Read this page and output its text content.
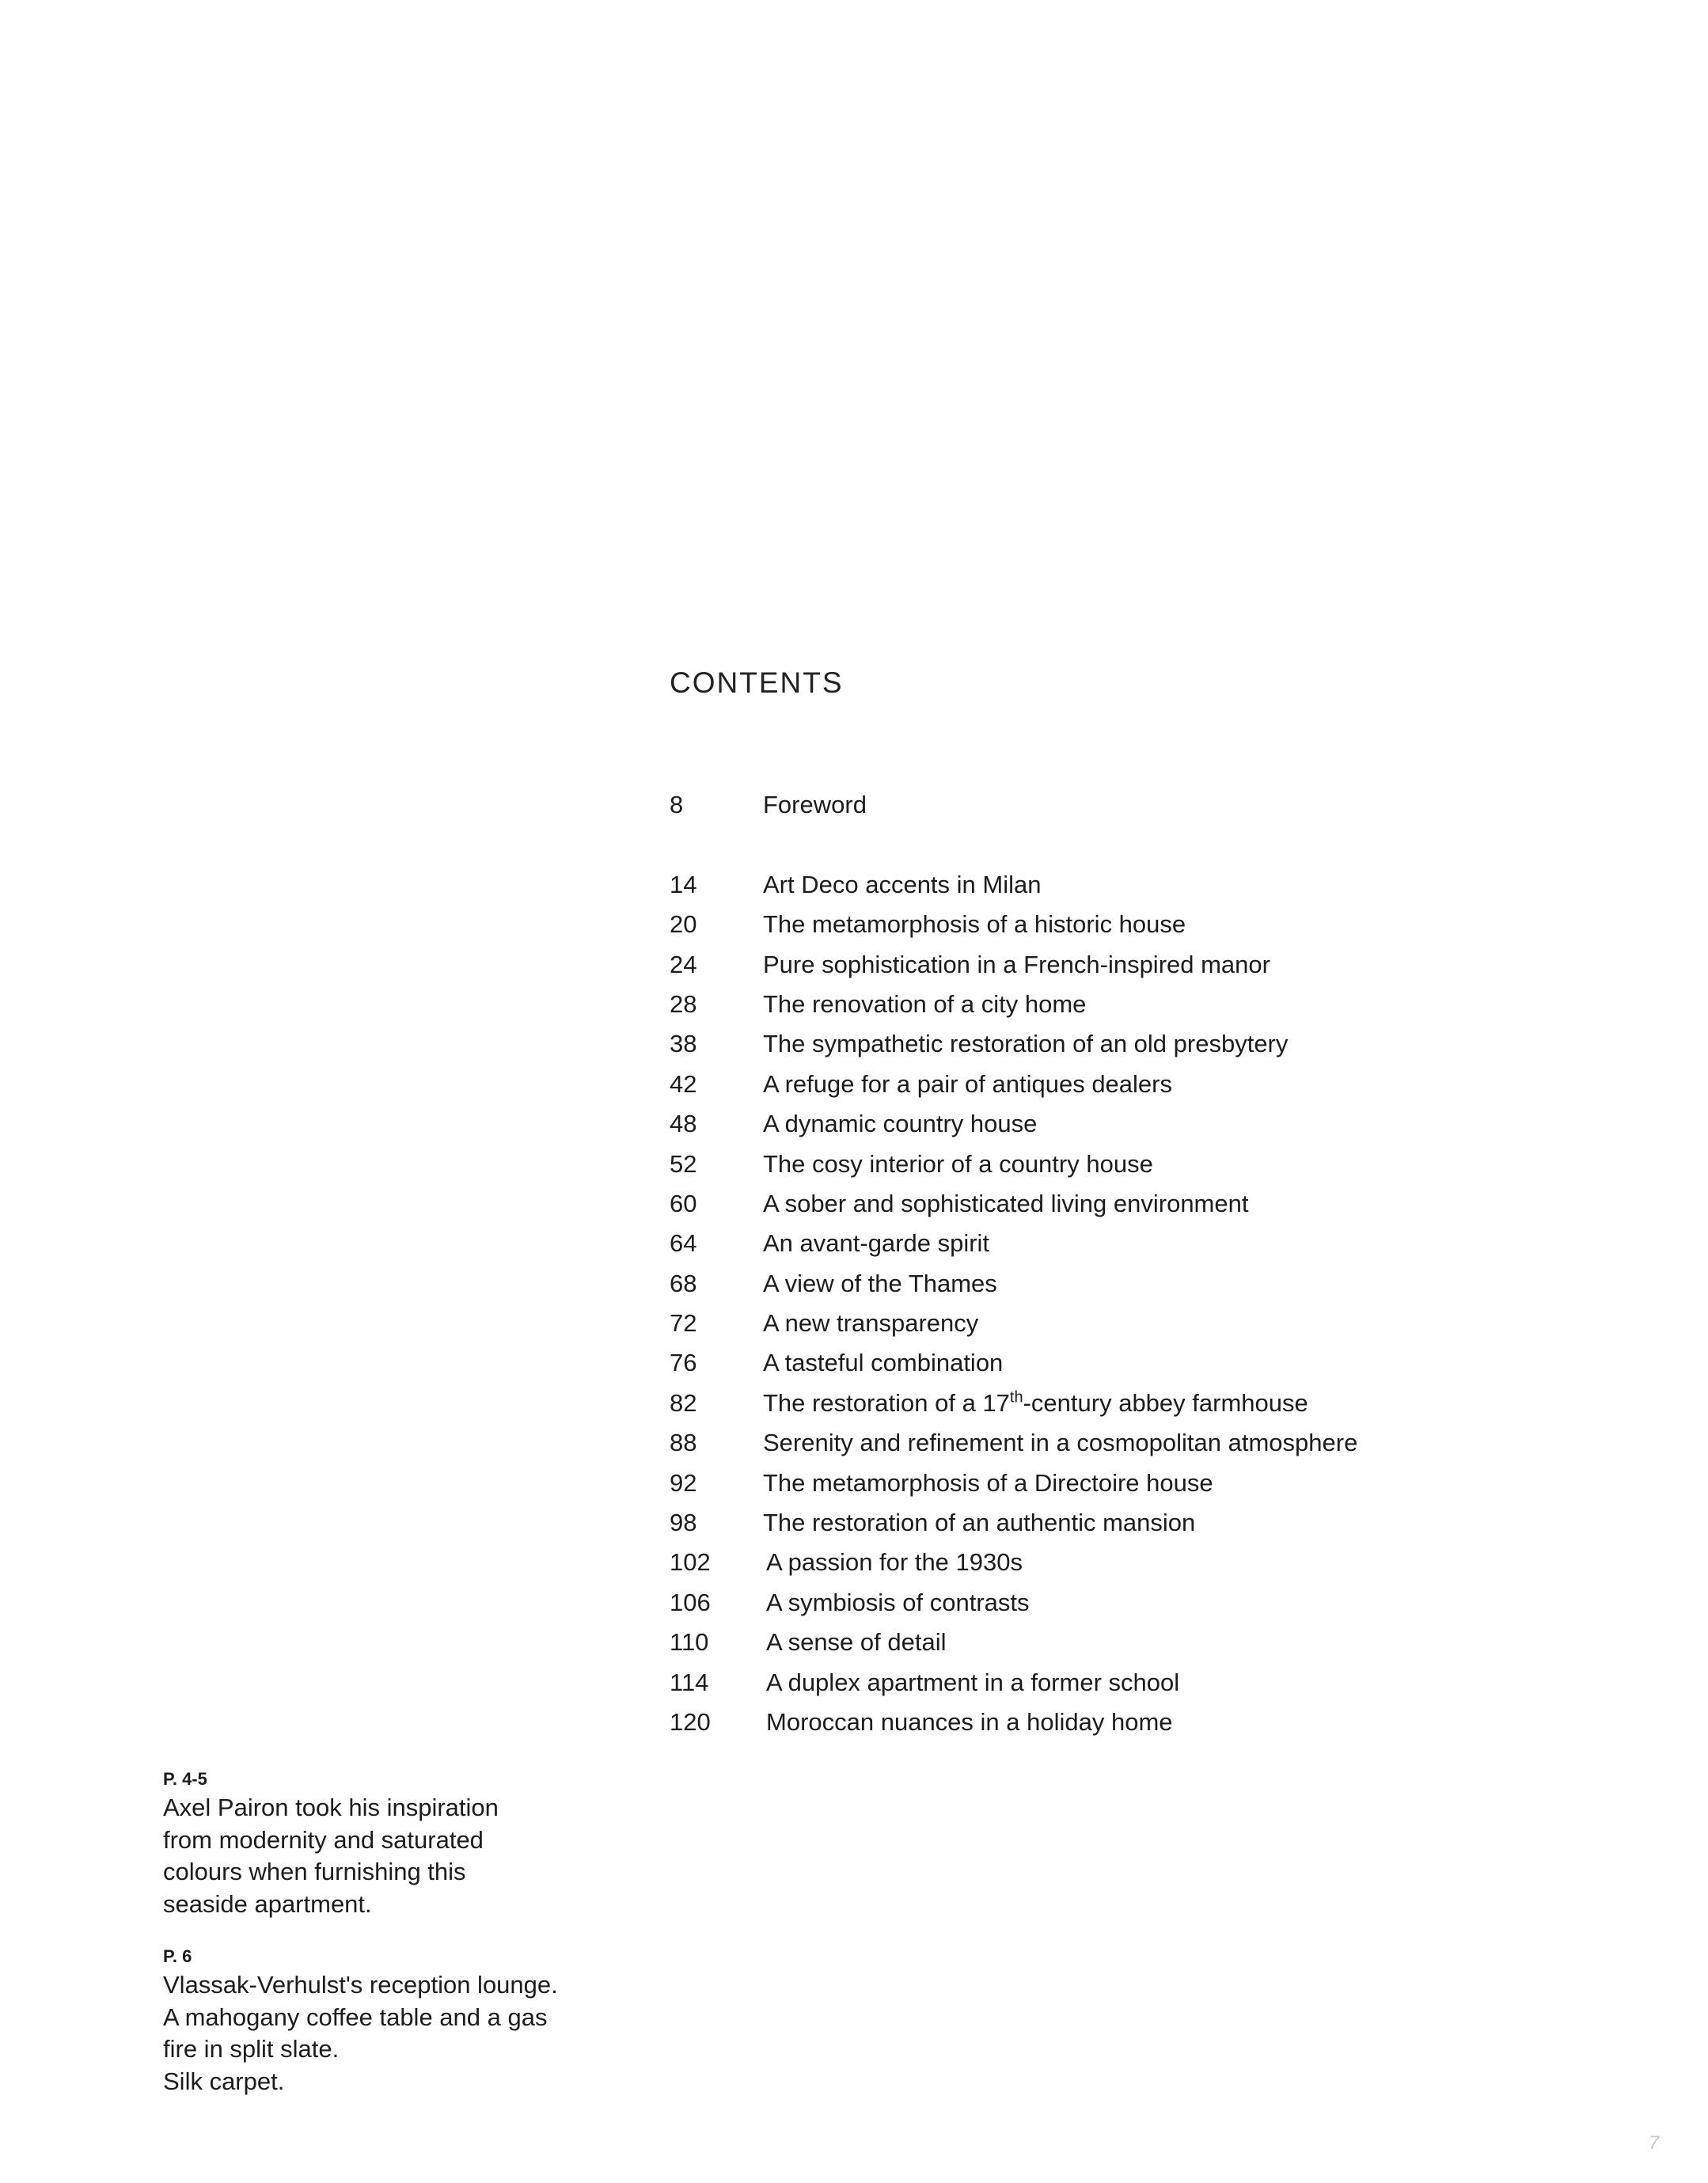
CONTENTS
8	Foreword
14	Art Deco accents in Milan
20	The metamorphosis of a historic house
24	Pure sophistication in a French-inspired manor
28	The renovation of a city home
38	The sympathetic restoration of an old presbytery
42	A refuge for a pair of antiques dealers
48	A dynamic country house
52	The cosy interior of a country house
60	A sober and sophisticated living environment
64	An avant-garde spirit
68	A view of the Thames
72	A new transparency
76	A tasteful combination
82	The restoration of a 17th-century abbey farmhouse
88	Serenity and refinement in a cosmopolitan atmosphere
92	The metamorphosis of a Directoire house
98	The restoration of an authentic mansion
102	A passion for the 1930s
106	A symbiosis of contrasts
110	A sense of detail
114	A duplex apartment in a former school
120	Moroccan nuances in a holiday home
P. 4-5
Axel Pairon took his inspiration
from modernity and saturated
colours when furnishing this
seaside apartment.
P. 6
Vlassak-Verhulst's reception lounge.
A mahogany coffee table and a gas
fire in split slate.
Silk carpet.
7
